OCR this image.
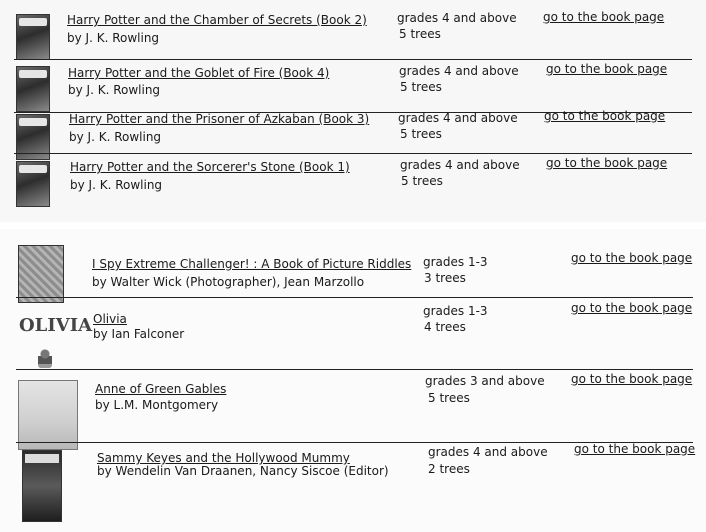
Harry Potter and the Chamber of Secrets (Book 2)
by J. K. Rowling
grades 4 and above
5 trees
go to the book page
Harry Potter and the Goblet of Fire (Book 4)
by J. K. Rowling
grades 4 and above
5 trees
go to the book page
Harry Potter and the Prisoner of Azkaban (Book 3)
by J. K. Rowling
grades 4 and above
5 trees
go to the book page
Harry Potter and the Sorcerer's Stone (Book 1)
by J. K. Rowling
grades 4 and above
5 trees
go to the book page
I Spy Extreme Challenger! : A Book of Picture Riddles
by Walter Wick (Photographer), Jean Marzollo
grades 1-3
3 trees
go to the book page
OLIVIA Olivia
by Ian Falconer
grades 1-3
4 trees
go to the book page
Anne of Green Gables
by L.M. Montgomery
grades 3 and above
5 trees
go to the book page
Sammy Keyes and the Hollywood Mummy
by Wendelin Van Draanen, Nancy Siscoe (Editor)
grades 4 and above
2 trees
go to the book page
